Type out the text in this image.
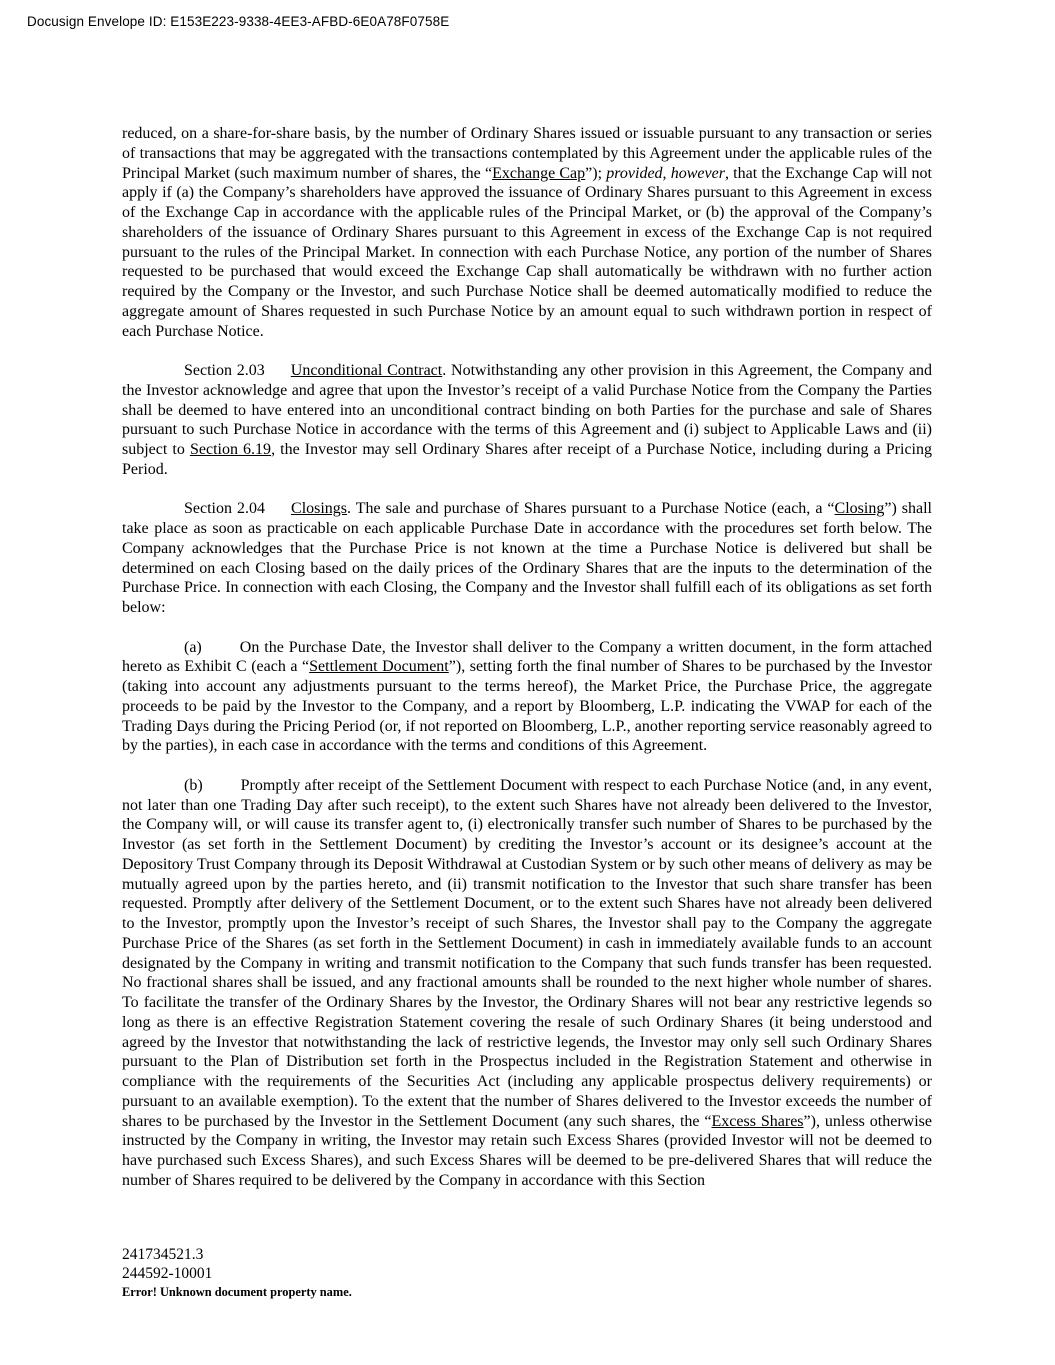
Docusign Envelope ID: E153E223-9338-4EE3-AFBD-6E0A78F0758E

reduced, on a share-for-share basis, by the number of Ordinary Shares issued or issuable pursuant to any transaction or series of transactions that may be aggregated with the transactions contemplated by this Agreement under the applicable rules of the Principal Market (such maximum number of shares, the “Exchange Cap”); provided, however, that the Exchange Cap will not apply if (a) the Company’s shareholders have approved the issuance of Ordinary Shares pursuant to this Agreement in excess of the Exchange Cap in accordance with the applicable rules of the Principal Market, or (b) the approval of the Company’s shareholders of the issuance of Ordinary Shares pursuant to this Agreement in excess of the Exchange Cap is not required pursuant to the rules of the Principal Market. In connection with each Purchase Notice, any portion of the number of Shares requested to be purchased that would exceed the Exchange Cap shall automatically be withdrawn with no further action required by the Company or the Investor, and such Purchase Notice shall be deemed automatically modified to reduce the aggregate amount of Shares requested in such Purchase Notice by an amount equal to such withdrawn portion in respect of each Purchase Notice.

Section 2.03 Unconditional Contract. Notwithstanding any other provision in this Agreement, the Company and the Investor acknowledge and agree that upon the Investor’s receipt of a valid Purchase Notice from the Company the Parties shall be deemed to have entered into an unconditional contract binding on both Parties for the purchase and sale of Shares pursuant to such Purchase Notice in accordance with the terms of this Agreement and (i) subject to Applicable Laws and (ii) subject to Section 6.19, the Investor may sell Ordinary Shares after receipt of a Purchase Notice, including during a Pricing Period.

Section 2.04 Closings. The sale and purchase of Shares pursuant to a Purchase Notice (each, a “Closing”) shall take place as soon as practicable on each applicable Purchase Date in accordance with the procedures set forth below. The Company acknowledges that the Purchase Price is not known at the time a Purchase Notice is delivered but shall be determined on each Closing based on the daily prices of the Ordinary Shares that are the inputs to the determination of the Purchase Price. In connection with each Closing, the Company and the Investor shall fulfill each of its obligations as set forth below:

(a) On the Purchase Date, the Investor shall deliver to the Company a written document, in the form attached hereto as Exhibit C (each a “Settlement Document”), setting forth the final number of Shares to be purchased by the Investor (taking into account any adjustments pursuant to the terms hereof), the Market Price, the Purchase Price, the aggregate proceeds to be paid by the Investor to the Company, and a report by Bloomberg, L.P. indicating the VWAP for each of the Trading Days during the Pricing Period (or, if not reported on Bloomberg, L.P., another reporting service reasonably agreed to by the parties), in each case in accordance with the terms and conditions of this Agreement.

(b) Promptly after receipt of the Settlement Document with respect to each Purchase Notice (and, in any event, not later than one Trading Day after such receipt), to the extent such Shares have not already been delivered to the Investor, the Company will, or will cause its transfer agent to, (i) electronically transfer such number of Shares to be purchased by the Investor (as set forth in the Settlement Document) by crediting the Investor’s account or its designee’s account at the Depository Trust Company through its Deposit Withdrawal at Custodian System or by such other means of delivery as may be mutually agreed upon by the parties hereto, and (ii) transmit notification to the Investor that such share transfer has been requested. Promptly after delivery of the Settlement Document, or to the extent such Shares have not already been delivered to the Investor, promptly upon the Investor’s receipt of such Shares, the Investor shall pay to the Company the aggregate Purchase Price of the Shares (as set forth in the Settlement Document) in cash in immediately available funds to an account designated by the Company in writing and transmit notification to the Company that such funds transfer has been requested. No fractional shares shall be issued, and any fractional amounts shall be rounded to the next higher whole number of shares. To facilitate the transfer of the Ordinary Shares by the Investor, the Ordinary Shares will not bear any restrictive legends so long as there is an effective Registration Statement covering the resale of such Ordinary Shares (it being understood and agreed by the Investor that notwithstanding the lack of restrictive legends, the Investor may only sell such Ordinary Shares pursuant to the Plan of Distribution set forth in the Prospectus included in the Registration Statement and otherwise in compliance with the requirements of the Securities Act (including any applicable prospectus delivery requirements) or pursuant to an available exemption). To the extent that the number of Shares delivered to the Investor exceeds the number of shares to be purchased by the Investor in the Settlement Document (any such shares, the “Excess Shares”), unless otherwise instructed by the Company in writing, the Investor may retain such Excess Shares (provided Investor will not be deemed to have purchased such Excess Shares), and such Excess Shares will be deemed to be pre-delivered Shares that will reduce the number of Shares required to be delivered by the Company in accordance with this Section

241734521.3
244592-10001
Error! Unknown document property name.
